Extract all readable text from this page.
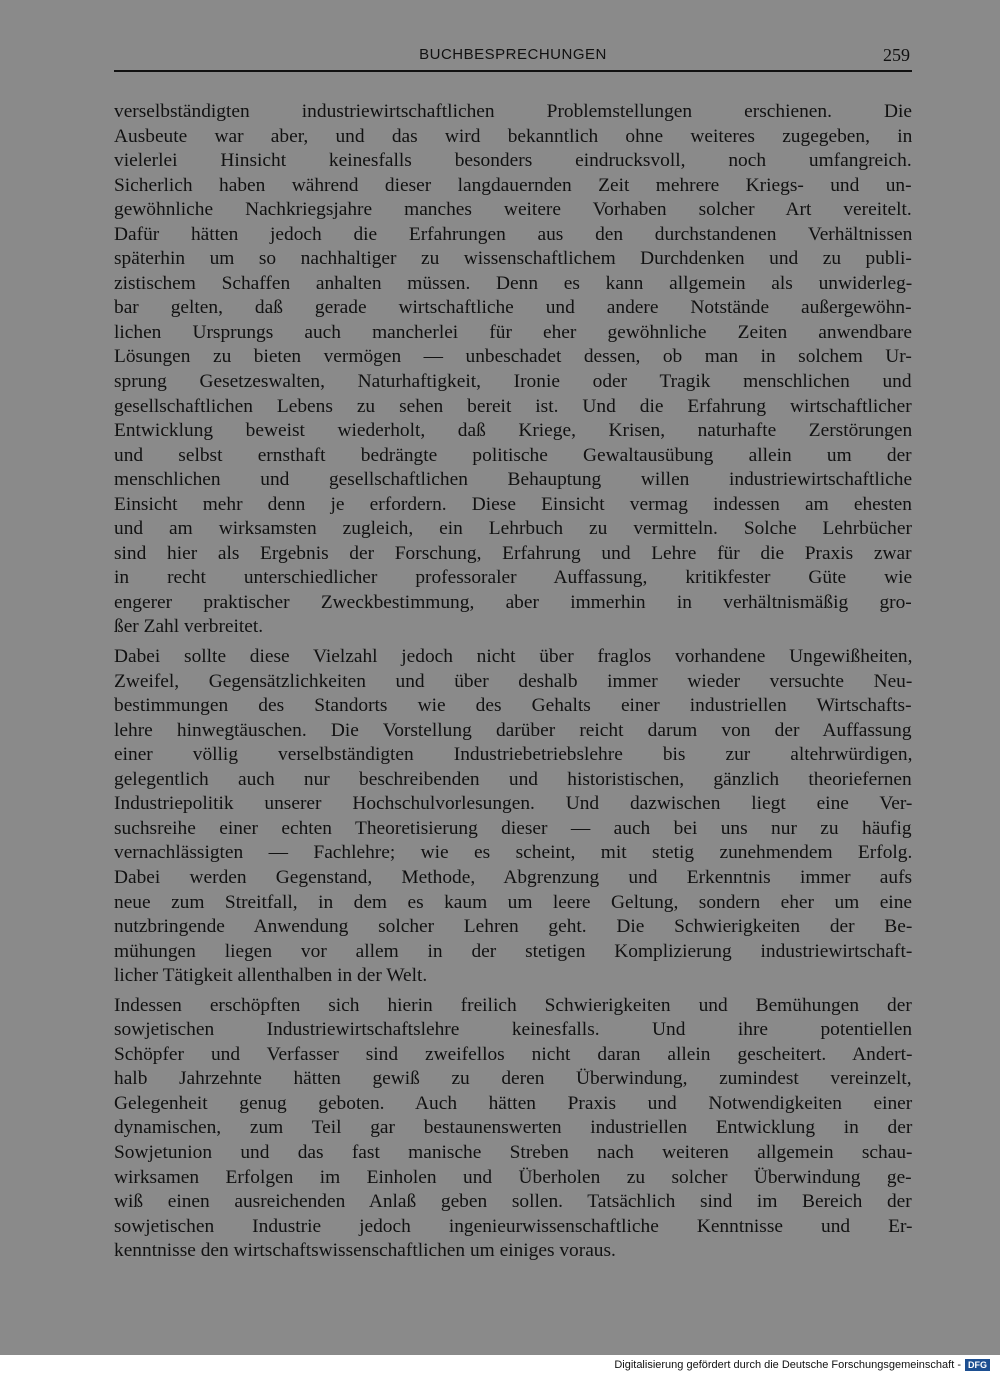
BUCHBESPRECHUNGEN	259
verselbständigten industriewirtschaftlichen Problemstellungen erschienen. Die
Ausbeute war aber, und das wird bekanntlich ohne weiteres zugegeben, in
vielerlei Hinsicht keinesfalls besonders eindrucksvoll, noch umfangreich.
Sicherlich haben während dieser langdauernden Zeit mehrere Kriegs- und un-
gewöhnliche Nachkriegsjahre manches weitere Vorhaben solcher Art vereitelt.
Dafür hätten jedoch die Erfahrungen aus den durchstandenen Verhältnissen
späterhin um so nachhaltiger zu wissenschaftlichem Durchdenken und zu publi-
zistischem Schaffen anhalten müssen. Denn es kann allgemein als unwiderleg-
bar gelten, daß gerade wirtschaftliche und andere Notstände außergewöhn-
lichen Ursprungs auch mancherlei für eher gewöhnliche Zeiten anwendbare
Lösungen zu bieten vermögen — unbeschadet dessen, ob man in solchem Ur-
sprung Gesetzeswalten, Naturhaftigkeit, Ironie oder Tragik menschlichen und
gesellschaftlichen Lebens zu sehen bereit ist. Und die Erfahrung wirtschaftlicher
Entwicklung beweist wiederholt, daß Kriege, Krisen, naturhafte Zerstörungen
und selbst ernsthaft bedrängte politische Gewaltausübung allein um der
menschlichen und gesellschaftlichen Behauptung willen industriewirtschaftliche
Einsicht mehr denn je erfordern. Diese Einsicht vermag indessen am ehesten
und am wirksamsten zugleich, ein Lehrbuch zu vermitteln. Solche Lehrbücher
sind hier als Ergebnis der Forschung, Erfahrung und Lehre für die Praxis zwar
in recht unterschiedlicher professoraler Auffassung, kritikfester Güte wie
engerer praktischer Zweckbestimmung, aber immerhin in verhältnismäßig gro-
ßer Zahl verbreitet.
Dabei sollte diese Vielzahl jedoch nicht über fraglos vorhandene Ungewißheiten,
Zweifel, Gegensätzlichkeiten und über deshalb immer wieder versuchte Neu-
bestimmungen des Standorts wie des Gehalts einer industriellen Wirtschafts-
lehre hinwegtäuschen. Die Vorstellung darüber reicht darum von der Auffassung
einer völlig verselbständigten Industriebetriebslehre bis zur altehrwürdigen,
gelegentlich auch nur beschreibenden und historistischen, gänzlich theoriefernen
Industriepolitik unserer Hochschulvorlesungen. Und dazwischen liegt eine Ver-
suchsreihe einer echten Theoretisierung dieser — auch bei uns nur zu häufig
vernachlässigten — Fachlehre; wie es scheint, mit stetig zunehmendem Erfolg.
Dabei werden Gegenstand, Methode, Abgrenzung und Erkenntnis immer aufs
neue zum Streitfall, in dem es kaum um leere Geltung, sondern eher um eine
nutzbringende Anwendung solcher Lehren geht. Die Schwierigkeiten der Be-
mühungen liegen vor allem in der stetigen Komplizierung industriewirtschaft-
licher Tätigkeit allenthalben in der Welt.
Indessen erschöpften sich hierin freilich Schwierigkeiten und Bemühungen der
sowjetischen Industriewirtschaftslehre keinesfalls. Und ihre potentiellen
Schöpfer und Verfasser sind zweifellos nicht daran allein gescheitert. Andert-
halb Jahrzehnte hätten gewiß zu deren Überwindung, zumindest vereinzelt,
Gelegenheit genug geboten. Auch hätten Praxis und Notwendigkeiten einer
dynamischen, zum Teil gar bestaunenswerten industriellen Entwicklung in der
Sowjetunion und das fast manische Streben nach weiteren allgemein schau-
wirksamen Erfolgen im Einholen und Überholen zu solcher Überwindung ge-
wiß einen ausreichenden Anlaß geben sollen. Tatsächlich sind im Bereich der
sowjetischen Industrie jedoch ingenieurwissenschaftliche Kenntnisse und Er-
kenntnisse den wirtschaftswissenschaftlichen um einiges voraus.
Digitalisierung gefördert durch die Deutsche Forschungsgemeinschaft - DFG
